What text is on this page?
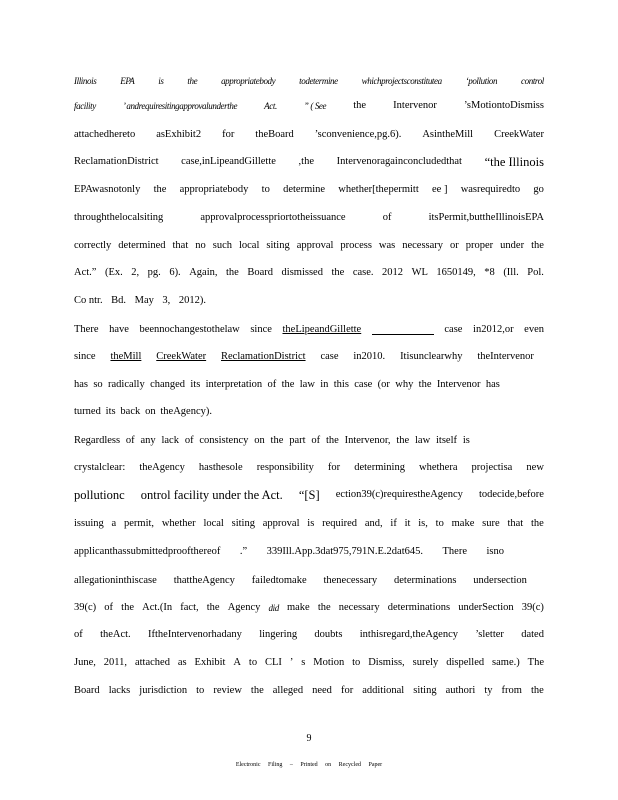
Illinois	EPA	is	the	appropriatebody	todetermine	whichprojectsconstitutea	‘pollution	control
facility	’ andrequiresitingapprovalunderthe	Act.	” ( See	the	Intervenor	’sMotiontoDismiss
attachedhereto asExhibit2 for theBoard ’sconvenience,pg.6). AsintheMill CreekWater
ReclamationDistrict case,inLipeandGillette ,the Intervenoragainconcludedthat “the Illinois
EPAwasnotonly the appropriatebody to determine whether[thepermitt ee ] wasrequiredto go
throughthelocalsiting	approvalprocesspriortotheissuance	of	itsPermit,buttheIllinoisEPA
correctly determined that no such local siting approval process was necessary or proper under the
Act.” (Ex. 2, pg. 6). Again, the Board dismissed the case. 2012 WL 1650149, *8 (Ill. Pol.
Co ntr. Bd. May 3, 2012).
There have beennochangestothelaw since theLipeandGillette	case in2012,or even
since theMill CreekWater ReclamationDistrict case in2010. Itisunclearwhy theIntervenor
has so radically changed its interpretation of the law in this case (or why the Intervenor has
turned its back on theAgency).
Regardless of any lack of consistency on the part of the Intervenor, the law itself is
crystalclear: theAgency hasthesole responsibility for determining whethera projectisa new
pollutionc ontrol facility under the Act. “[S] ection39(c)requirestheAgency todecide,before
issuing a permit, whether local siting approval is required and, if it is, to make sure that the
applicanthassubmittedproofthereof .” 339Ill.App.3dat975,791N.E.2dat645. There isno
allegationinthiscase thattheAgency failedtomake thenecessary determinations undersection
39(c) of the Act.(In fact, the Agency did make the necessary determinations underSection 39(c)
of theAct. IftheIntervenorhadany lingering doubts inthisregard,theAgency ’sletter dated
June, 2011, attached as Exhibit A to CLI ’ s Motion to Dismiss, surely dispelled same.) The
Board lacks jurisdiction to review the alleged need for additional siting authori ty from the
9
Electronic Filing – Printed on Recycled Paper
